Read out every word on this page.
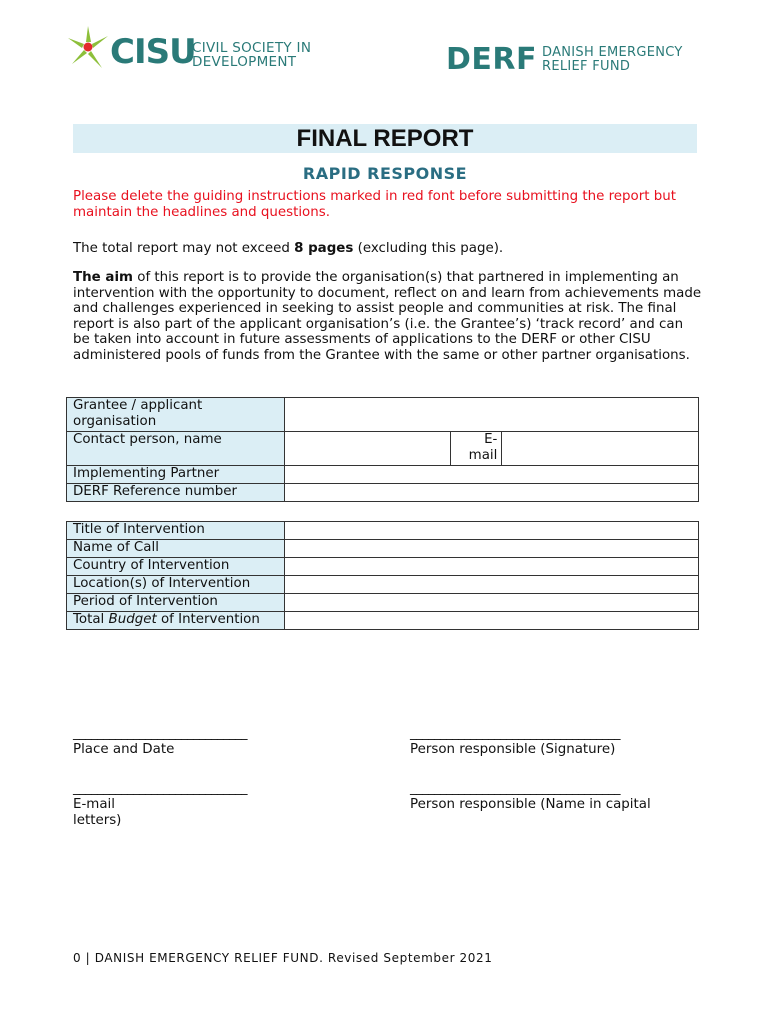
CISU
CIVIL SOCIETY IN
DEVELOPMENT	DERF DANISH EMERGENCY
RELIEF FUND
FINAL REPORT
RAPID RESPONSE
Please delete the guiding instructions marked in red font before submitting the report but maintain the headlines and questions.
The total report may not exceed 8 pages (excluding this page).
The aim of this report is to provide the organisation(s) that partnered in implementing an intervention with the opportunity to document, reflect on and learn from achievements made and challenges experienced in seeking to assist people and communities at risk. The final report is also part of the applicant organisation’s (i.e. the Grantee’s) ‘track record’ and can be taken into account in future assessments of applications to the DERF or other CISU administered pools of funds from the Grantee with the same or other partner organisations.
Grantee / applicant organisation			
Contact person, name		E-
mail	
Implementing Partner			
DERF Reference number			
Title of Intervention	
Name of Call	
Country of Intervention	
Location(s) of Intervention	
Period of Intervention	
Total Budget of Intervention	
_____________________________
Place and Date
___________________________________
Person responsible (Signature)
_____________________________
E-mail
letters)
___________________________________
Person responsible (Name in capital
0 | DANISH EMERGENCY RELIEF FUND. Revised September 2021
